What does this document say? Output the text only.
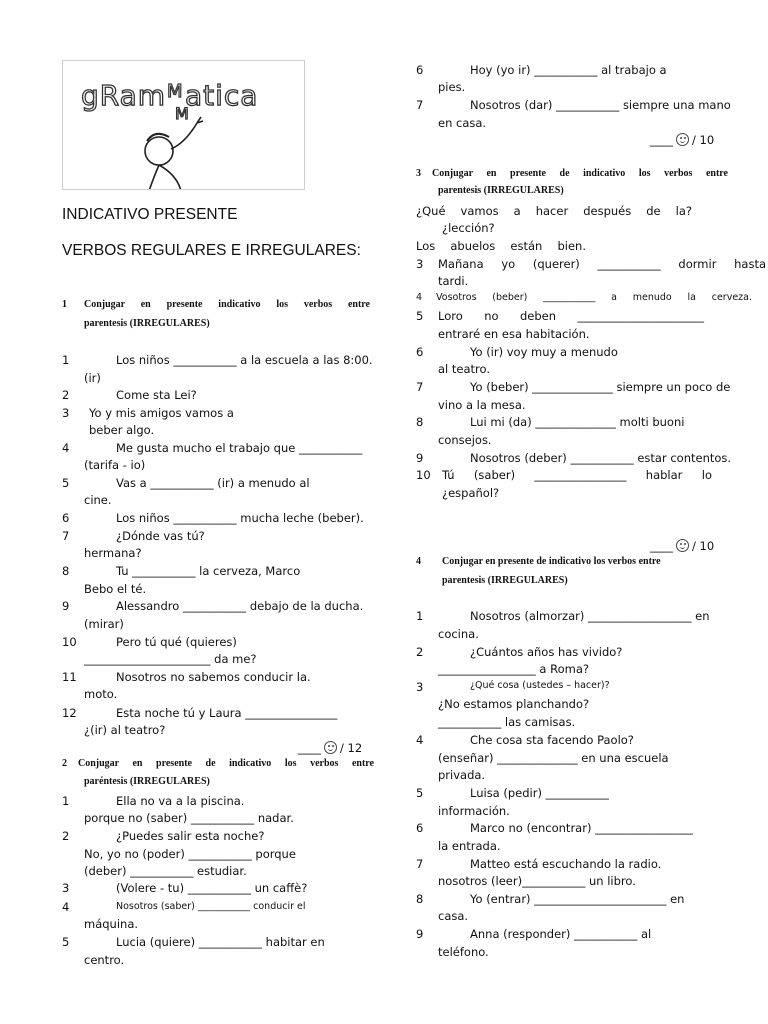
gRam atica
M
M
INDICATIVO PRESENTE
VERBOS REGULARES E IRREGULARES:
1 Conjugar en presente indicativo los verbos entre
parentesis (IRREGULARES)
1	Los niños ___________ a la escuela a las 8:00.
(ir)
2	Come sta Lei?
3 Yo y mis amigos vamos a
beber algo.
4	Me gusta mucho el trabajo que ___________
(tarifa - io)
5	Vas a ___________ (ir) a menudo al
cine.
6	Los niños ___________ mucha leche (beber).
7	¿Dónde vas tú?
hermana?
8	Tu ___________ la cerveza, Marco
Bebo el té.
9	Alessandro ___________ debajo de la ducha.
(mirar)
10	Pero tú qué (quieres)
______________________ da me?
11	Nosotros no sabemos conducir la.
moto.
12	Esta noche tú y Laura ________________
¿(ir) al teatro?
____ / 12
2 Conjugar en presente de indicativo los verbos entre
paréntesis (IRREGULARES)
1	Ella no va a la piscina.
porque no (saber) ___________ nadar.
2	¿Puedes salir esta noche?
No, yo no (poder) ___________ porque
(deber) ___________ estudiar.
3	(Volere - tu) ___________ un caffè?
4	Nosotros (saber) ___________ conducir el
máquina.
5	Lucia (quiere) ___________ habitar en
centro.
6	Hoy (yo ir) ___________ al trabajo a
pies.
7	Nosotros (dar) ___________ siempre una mano
en casa.
____ / 10
3 Conjugar en presente de indicativo los verbos entre
parentesis (IRREGULARES)
¿Qué vamos a hacer después de la?
¿lección?
Los abuelos están bien.
3 Mañana yo (querer) ___________ dormir hasta
tardi.
4 Vosotros (beber) ___________ a menudo la cerveza.
5 Loro no deben ______________________
entraré en esa habitación.
6	Yo (ir) voy muy a menudo
al teatro.
7	Yo (beber) ______________ siempre un poco de
vino a la mesa.
8	Lui mi (da) ______________ molti buoni
consejos.
9	Nosotros (deber) ___________ estar contentos.
10 Tú (saber) ________________ hablar lo
¿español?
____ / 10
4 Conjugar en presente de indicativo los verbos entre
parentesis (IRREGULARES)
1	Nosotros (almorzar) __________________ en
cocina.
2	¿Cuántos años has vivido?
_________________ a Roma?
3	¿Qué cosa (ustedes – hacer)?
¿No estamos planchando?
___________ las camisas.
4	Che cosa sta facendo Paolo?
(enseñar) ______________ en una escuela
privada.
5	Luisa (pedir) ___________
información.
6	Marco no (encontrar) _________________
la entrada.
7	Matteo está escuchando la radio.
nosotros (leer)___________ un libro.
8	Yo (entrar) _______________________ en
casa.
9	Anna (responder) ___________ al
teléfono.
